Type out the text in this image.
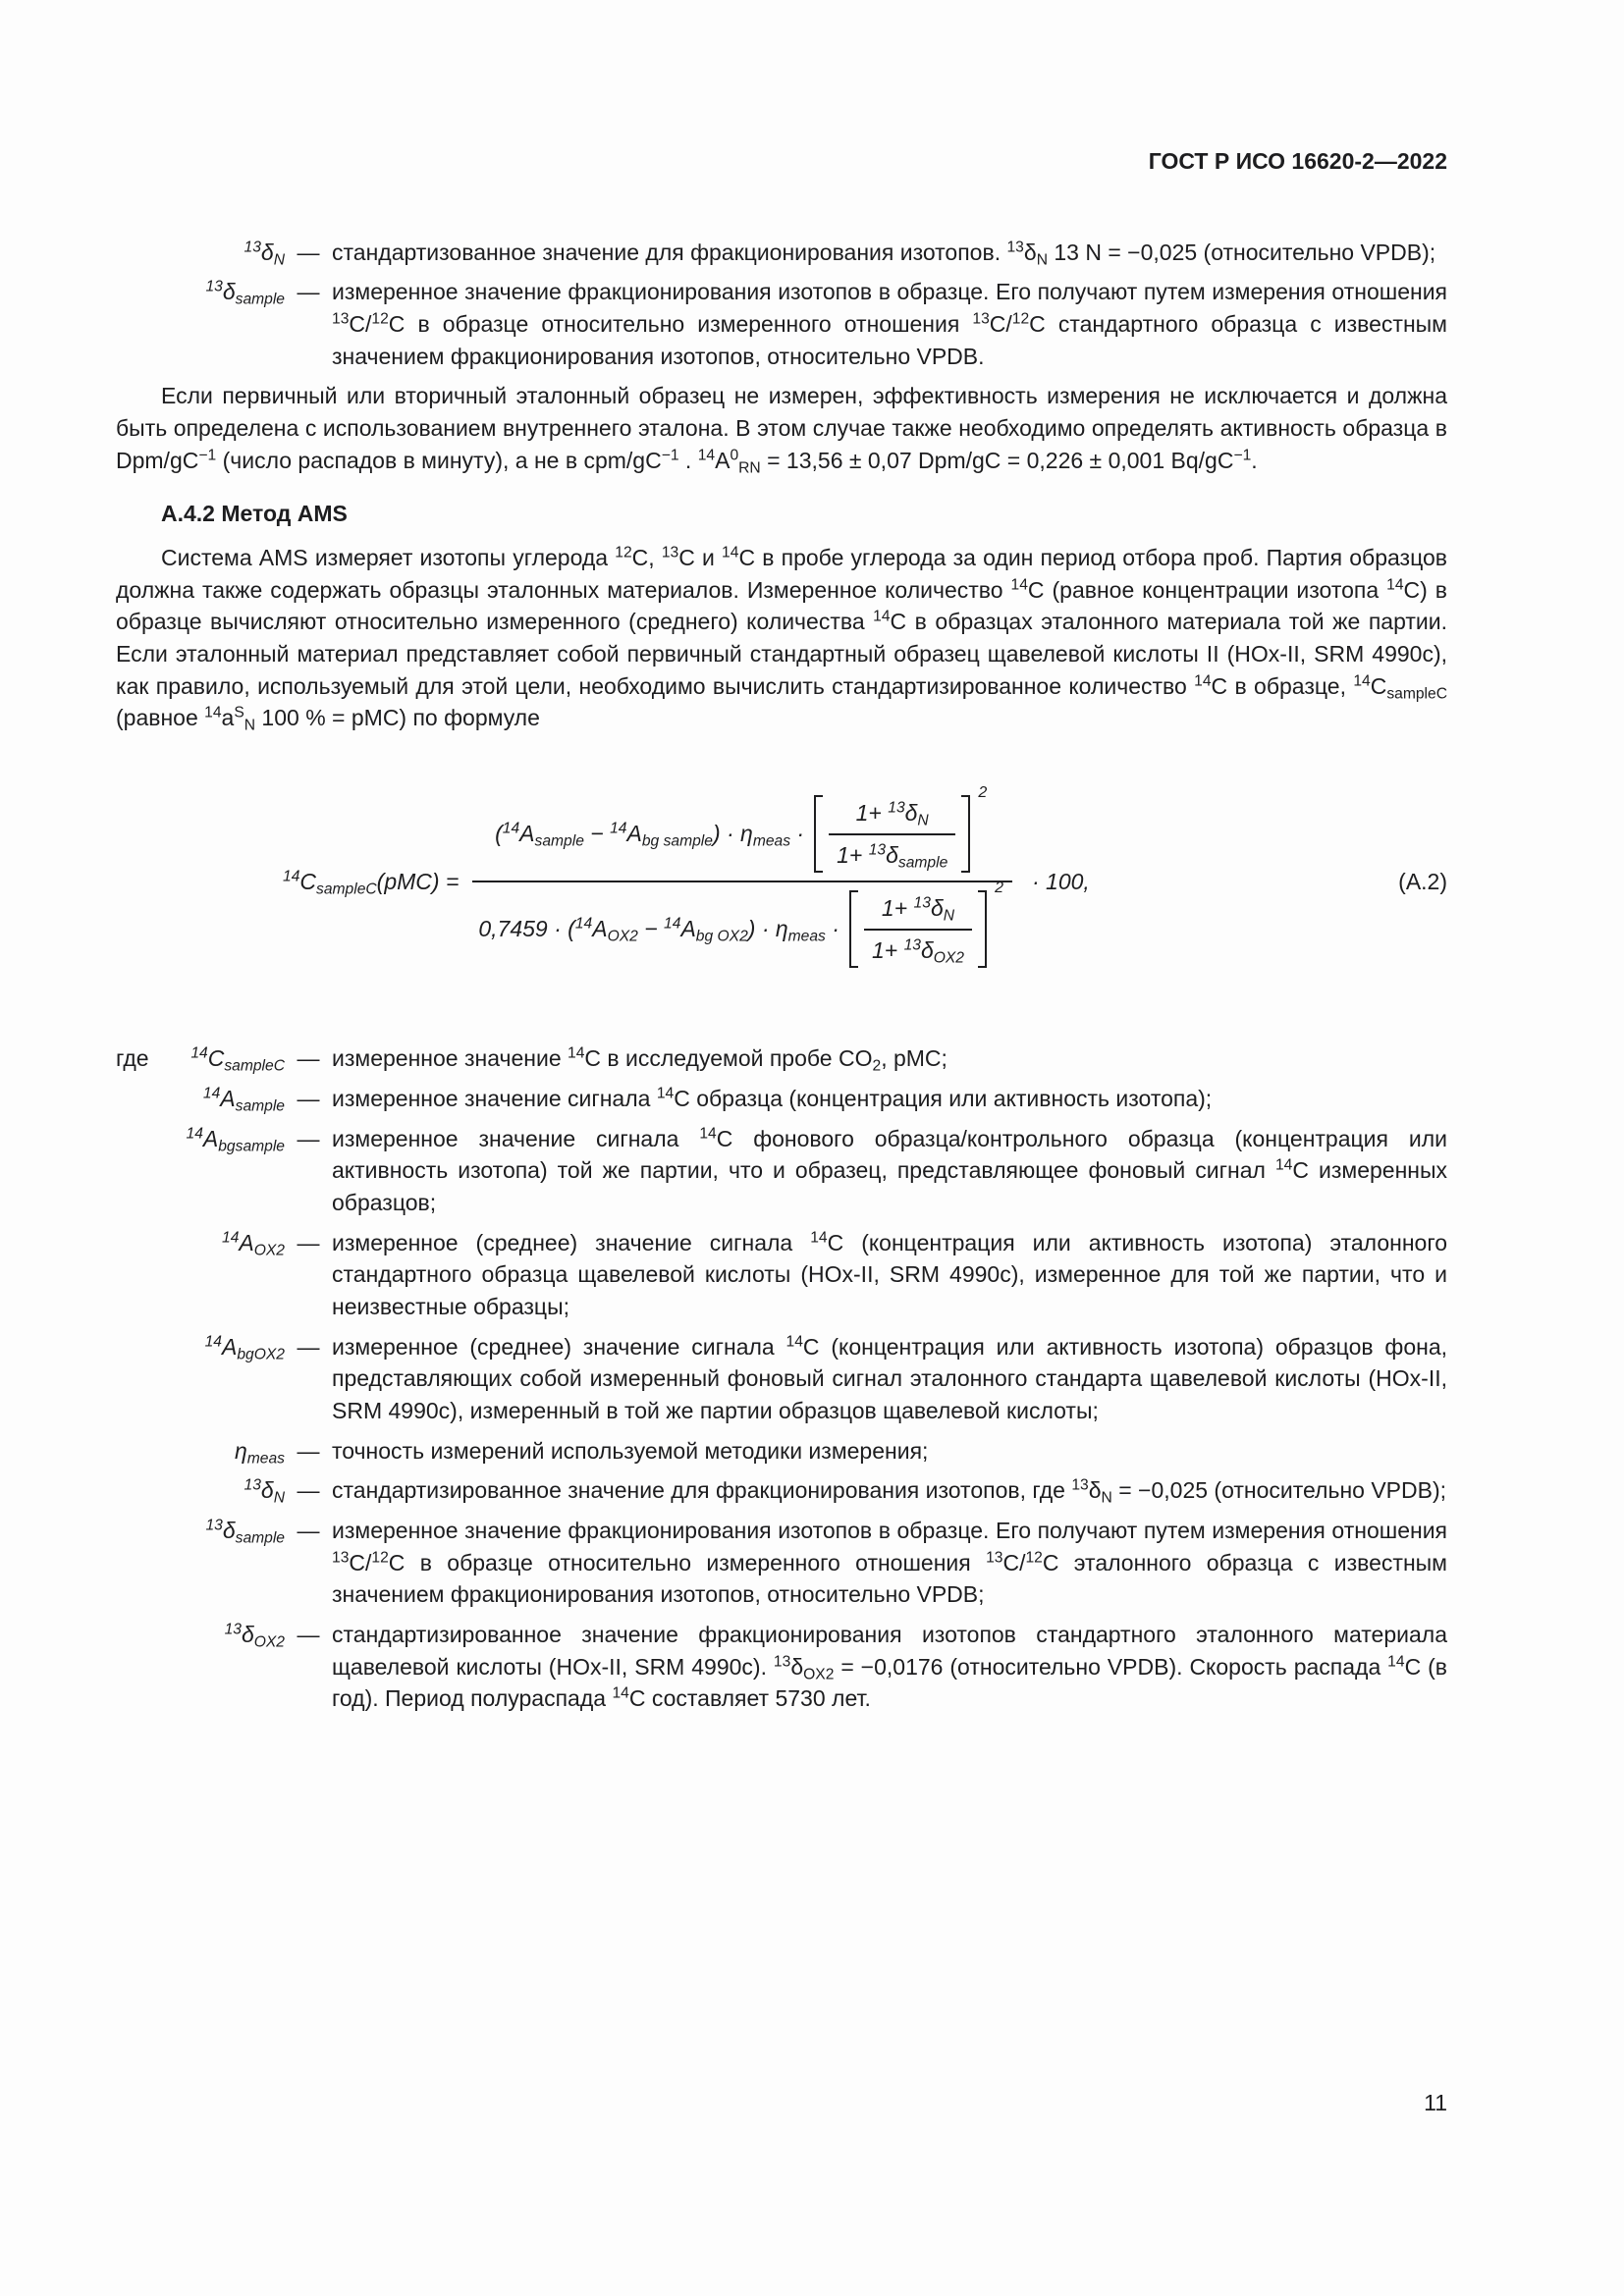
ГОСТ Р ИСО 16620-2—2022
$^{13}\delta_N$ — стандартизованное значение для фракционирования изотопов. $^{13}\delta_N$ 13 N = −0,025 (относительно VPDB);
$^{13}\delta_{sample}$ — измеренное значение фракционирования изотопов в образце. Его получают путем измерения отношения $^{13}$C/$^{12}$C в образце относительно измеренного отношения $^{13}$C/$^{12}$C стандартного образца с известным значением фракционирования изотопов, относительно VPDB.

Если первичный или вторичный эталонный образец не измерен, эффективность измерения не исключается и должна быть определена с использованием внутреннего эталона. В этом случае также необходимо определять активность образца в Dpm/$gC^{-1}$ (число распадов в минуту), а не в cpm/$gC^{-1}$ . $^{14}A^0_{RN} = 13,56 \pm 0,07$ Dpm/gC = 0,226 ± 0,001 $Bq/gC^{-1}$.

А.4.2 Метод AMS

Система AMS измеряет изотопы углерода $^{12}$C, $^{13}$C и $^{14}$C в пробе углерода за один период отбора проб. Партия образцов должна также содержать образцы эталонных материалов. Измеренное количество $^{14}$C (равное концентрации изотопа $^{14}$C) в образце вычисляют относительно измеренного (среднего) количества $^{14}$C в образцах эталонного материала той же партии. Если эталонный материал представляет собой первичный стандартный образец щавелевой кислоты II (HOx-II, SRM 4990c), как правило, используемый для этой цели, необходимо вычислить стандартизированное количество $^{14}$C в образце, $^{14}C_{sampleC}$ (равное $^{14}a^S_N$ 100 % = pMC) по формуле

$^{14}C_{sampleC}(pMC)$ =
$(^{14}A_{sample} - ^{14}A_{bg sample}) \cdot \eta_{meas}$ ·
$1+ ^{13}\delta_N$
$1+ ^{13}\delta_{sample}$
2
$0,7459 \cdot (^{14}A_{OX2} - ^{14}A_{bg OX2}) \cdot \eta_{meas}$ ·
$1+ ^{13}\delta_N$
$1+ ^{13}\delta_{OX2}$
2 · 100,	(А.2)
где	$^{14}C_{sampleC}$ — измеренное значение $^{14}$C в исследуемой пробе $CO_2$, pMC;
$^{14}A_{sample}$ — измеренное значение сигнала $^{14}$C образца (концентрация или активность изотопа);
$^{14}A_{bgsample}$ — измеренное значение сигнала $^{14}$C фонового образца/контрольного образца (концентрация или активность изотопа) той же партии, что и образец, представляющее фоновый сигнал $^{14}$C измеренных образцов;
$^{14}A_{OX2}$ — измеренное (среднее) значение сигнала $^{14}$C (концентрация или активность изотопа) эталонного стандартного образца щавелевой кислоты (HOx-II, SRM 4990c), измеренное для той же партии, что и неизвестные образцы;
$^{14}A_{bgOX2}$ — измеренное (среднее) значение сигнала $^{14}$C (концентрация или активность изотопа) образцов фона, представляющих собой измеренный фоновый сигнал эталонного стандарта щавелевой кислоты (HOx-II, SRM 4990c), измеренный в той же партии образцов щавелевой кислоты;
$\eta_{meas}$ — точность измерений используемой методики измерения;
$^{13}\delta_N$ — стандартизированное значение для фракционирования изотопов, где $^{13}\delta_N = -0,025$ (относительно VPDB);
$^{13}\delta_{sample}$ — измеренное значение фракционирования изотопов в образце. Его получают путем измерения отношения $^{13}$C/$^{12}$C в образце относительно измеренного отношения $^{13}$C/$^{12}$C эталонного образца с известным значением фракционирования изотопов, относительно VPDB;
$^{13}\delta_{OX2}$ — стандартизированное значение фракционирования изотопов стандартного эталонного материала щавелевой кислоты (HOx-II, SRM 4990c). $^{13}\delta_{OX2} = -0,0176$ (относительно VPDB). Скорость распада $^{14}$C (в год). Период полураспада $^{14}$C составляет 5730 лет.
11
